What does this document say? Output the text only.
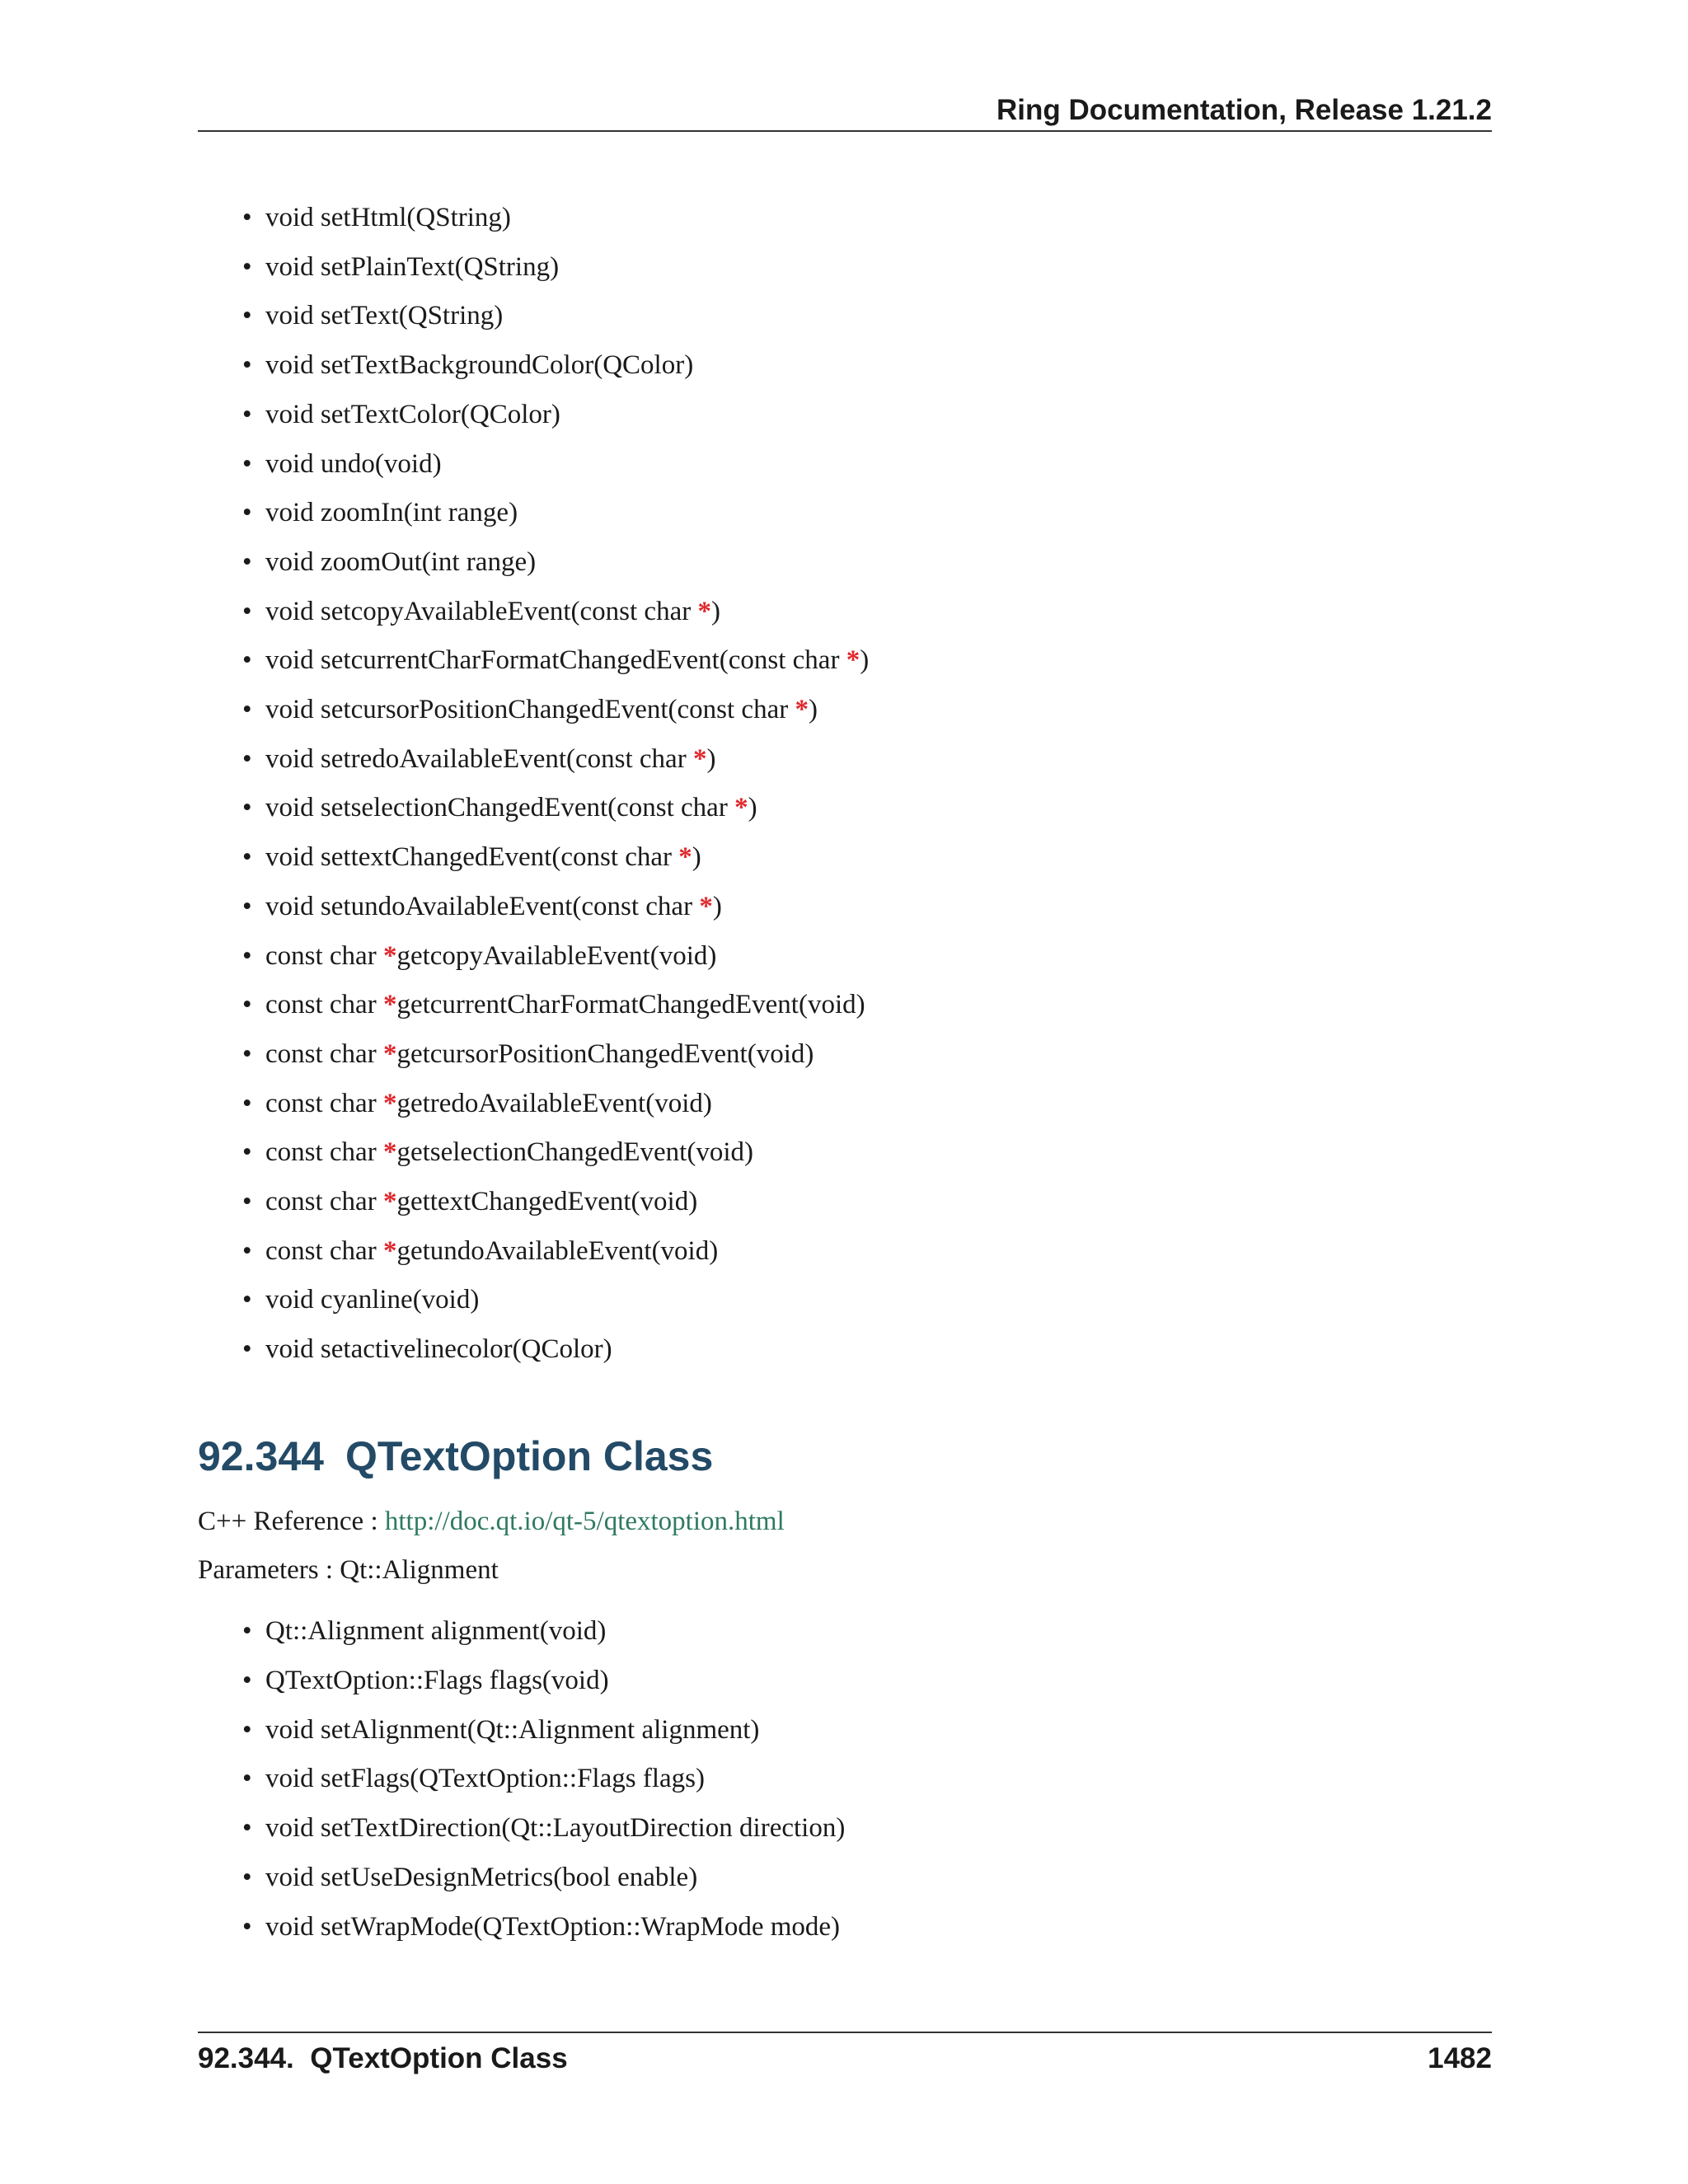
Ring Documentation, Release 1.21.2
• void setHtml(QString)
• void setPlainText(QString)
• void setText(QString)
• void setTextBackgroundColor(QColor)
• void setTextColor(QColor)
• void undo(void)
• void zoomIn(int range)
• void zoomOut(int range)
• void setcopyAvailableEvent(const char *)
• void setcurrentCharFormatChangedEvent(const char *)
• void setcursorPositionChangedEvent(const char *)
• void setredoAvailableEvent(const char *)
• void setselectionChangedEvent(const char *)
• void settextChangedEvent(const char *)
• void setundoAvailableEvent(const char *)
• const char *getcopyAvailableEvent(void)
• const char *getcurrentCharFormatChangedEvent(void)
• const char *getcursorPositionChangedEvent(void)
• const char *getredoAvailableEvent(void)
• const char *getselectionChangedEvent(void)
• const char *gettextChangedEvent(void)
• const char *getundoAvailableEvent(void)
• void cyanline(void)
• void setactivelinecolor(QColor)
92.344 QTextOption Class
C++ Reference : http://doc.qt.io/qt-5/qtextoption.html
Parameters : Qt::Alignment
• Qt::Alignment alignment(void)
• QTextOption::Flags flags(void)
• void setAlignment(Qt::Alignment alignment)
• void setFlags(QTextOption::Flags flags)
• void setTextDirection(Qt::LayoutDirection direction)
• void setUseDesignMetrics(bool enable)
• void setWrapMode(QTextOption::WrapMode mode)
92.344.  QTextOption Class	1482
